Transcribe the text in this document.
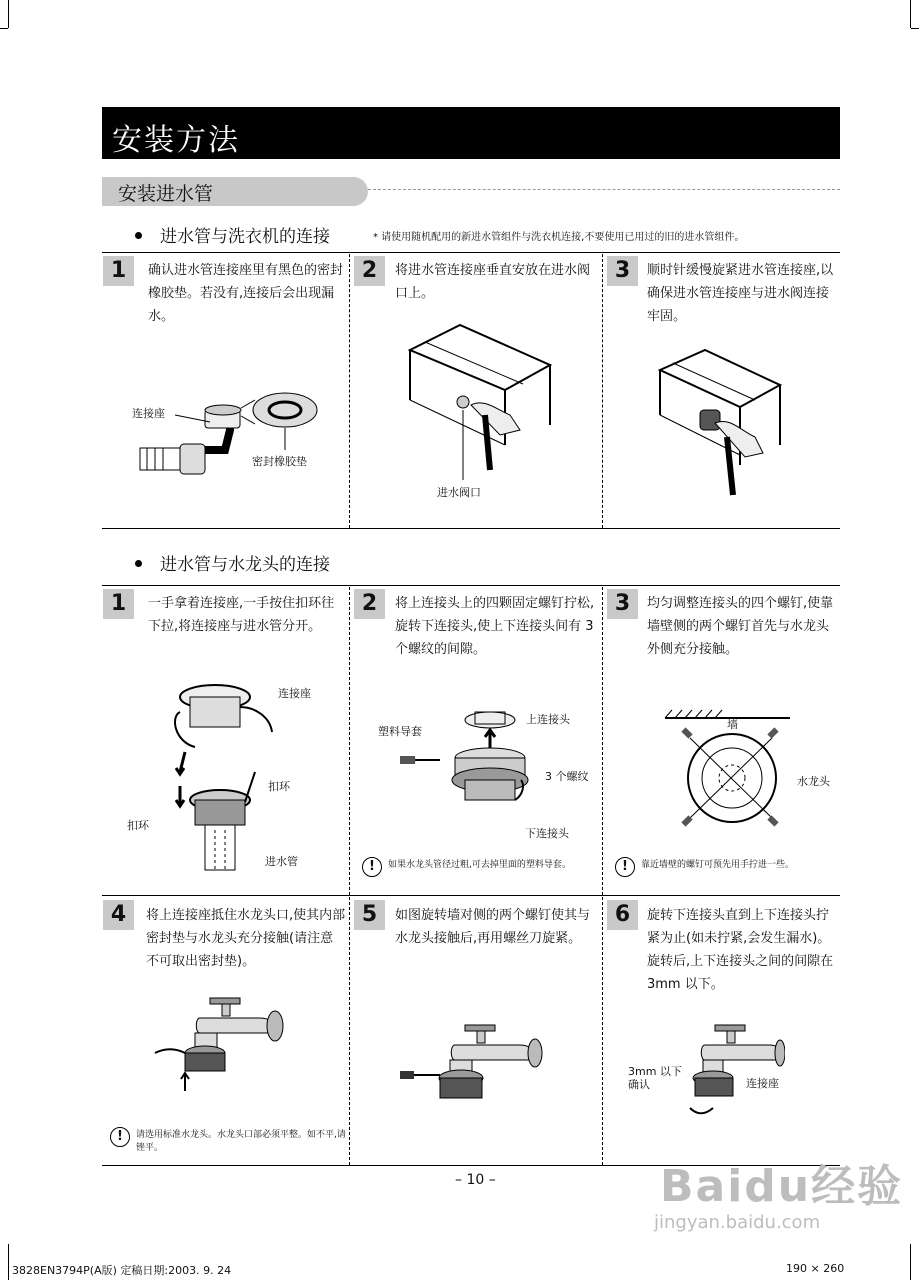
安装方法
安装进水管
进水管与洗衣机的连接	* 请使用随机配用的新进水管组件与洗衣机连接,不要使用已用过的旧的进水管组件。
1	确认进水管连接座里有黑色的密封橡胶垫。若没有,连接后会出现漏水。
2	将进水管连接座垂直安放在进水阀口上。
3	顺时针缓慢旋紧进水管连接座,以确保进水管连接座与进水阀连接牢固。
连接座
密封橡胶垫
进水阀口
进水管与水龙头的连接
1	一手拿着连接座,一手按住扣环往下拉,将连接座与进水管分开。
2	将上连接头上的四颗固定螺钉拧松,旋转下连接头,使上下连接头间有 3 个螺纹的间隙。
3	均匀调整连接头的四个螺钉,使靠墙壁侧的两个螺钉首先与水龙头外侧充分接触。
连接座
扣环
扣环
进水管
塑料导套
上连接头
3 个螺纹
下连接头
!	如果水龙头管径过粗,可去掉里面的塑料导套。
墙
水龙头
!	靠近墙壁的螺钉可预先用手拧进一些。
4	将上连接座抵住水龙头口,使其内部密封垫与水龙头充分接触(请注意不可取出密封垫)。
5	如图旋转墙对侧的两个螺钉使其与水龙头接触后,再用螺丝刀旋紧。
6	旋转下连接头直到上下连接头拧紧为止(如未拧紧,会发生漏水)。旋转后,上下连接头之间的间隙在 3mm 以下。
!	请选用标准水龙头。水龙头口部必须平整。如不平,请锉平。
3mm 以下
确认	连接座
– 10 –	Baidu经验
jingyan.baidu.com
3828EN3794P(A版) 定稿日期:2003. 9. 24	190 × 260
